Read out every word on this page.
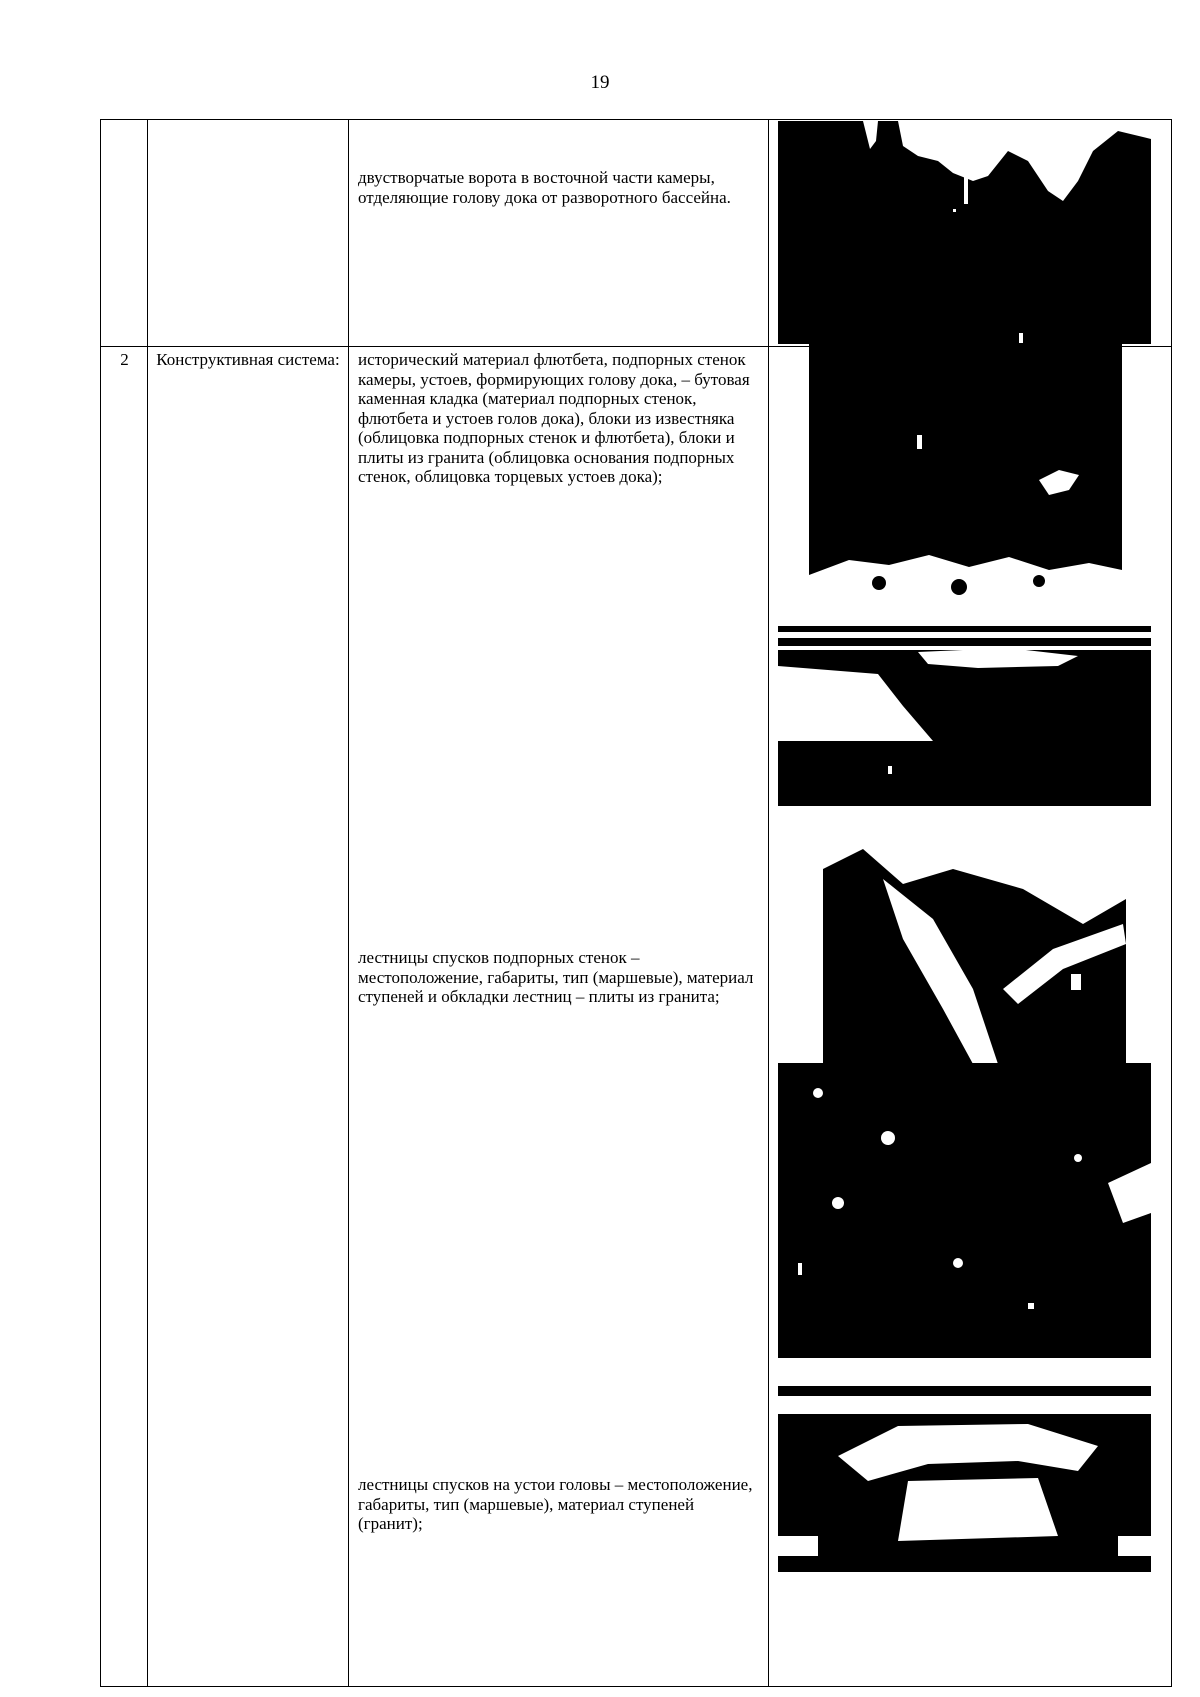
19
двустворчатые ворота в восточной части камеры, отделяющие голову дока от разворотного бассейна.
2	Конструктивная система:	исторический материал флютбета, подпорных стенок камеры, устоев, формирующих голову дока, – бутовая каменная кладка (материал подпорных стенок, флютбета и устоев голов дока), блоки из известняка (облицовка подпорных стенок и флютбета), блоки и плиты из гранита (облицовка основания подпорных стенок, облицовка торцевых устоев дока);
лестницы спусков подпорных стенок – местоположение, габариты, тип (маршевые), материал ступеней и обкладки лестниц – плиты из гранита;
лестницы спусков на устои головы – местоположение, габариты, тип (маршевые), материал ступеней (гранит);
